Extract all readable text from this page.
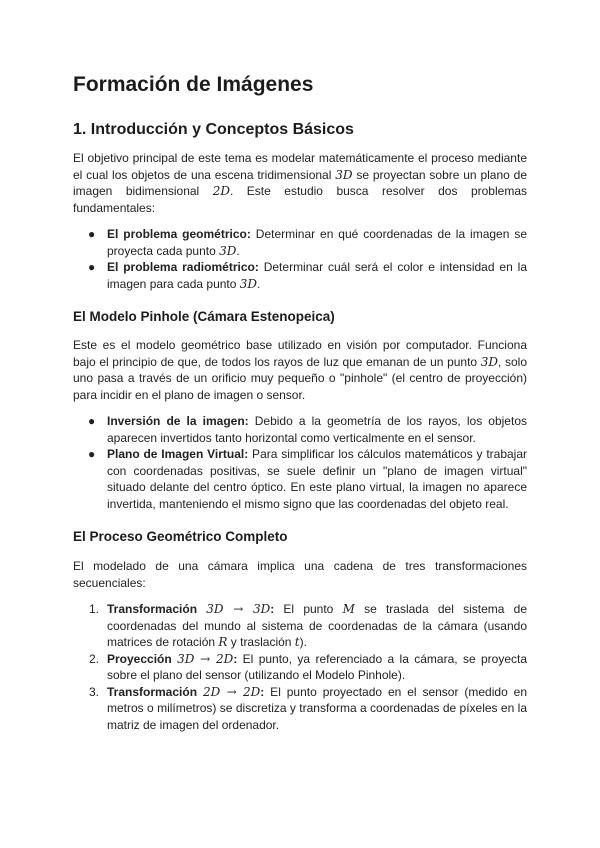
Formación de Imágenes
1. Introducción y Conceptos Básicos

El objetivo principal de este tema es modelar matemáticamente el proceso mediante el cual los objetos de una escena tridimensional 3D se proyectan sobre un plano de imagen bidimensional 2D. Este estudio busca resolver dos problemas fundamentales:

● El problema geométrico: Determinar en qué coordenadas de la imagen se proyecta cada punto 3D.
● El problema radiométrico: Determinar cuál será el color e intensidad en la imagen para cada punto 3D.
El Modelo Pinhole (Cámara Estenopeica)

Este es el modelo geométrico base utilizado en visión por computador. Funciona bajo el principio de que, de todos los rayos de luz que emanan de un punto 3D, solo uno pasa a través de un orificio muy pequeño o "pinhole" (el centro de proyección) para incidir en el plano de imagen o sensor.

● Inversión de la imagen: Debido a la geometría de los rayos, los objetos aparecen invertidos tanto horizontal como verticalmente en el sensor.
● Plano de Imagen Virtual: Para simplificar los cálculos matemáticos y trabajar con coordenadas positivas, se suele definir un "plano de imagen virtual" situado delante del centro óptico. En este plano virtual, la imagen no aparece invertida, manteniendo el mismo signo que las coordenadas del objeto real.
El Proceso Geométrico Completo

El modelado de una cámara implica una cadena de tres transformaciones secuenciales:

1. Transformación 3D → 3D: El punto M se traslada del sistema de coordenadas del mundo al sistema de coordenadas de la cámara (usando matrices de rotación R y traslación t).
2. Proyección 3D → 2D: El punto, ya referenciado a la cámara, se proyecta sobre el plano del sensor (utilizando el Modelo Pinhole).
3. Transformación 2D → 2D: El punto proyectado en el sensor (medido en metros o milímetros) se discretiza y transforma a coordenadas de píxeles en la matriz de imagen del ordenador.
